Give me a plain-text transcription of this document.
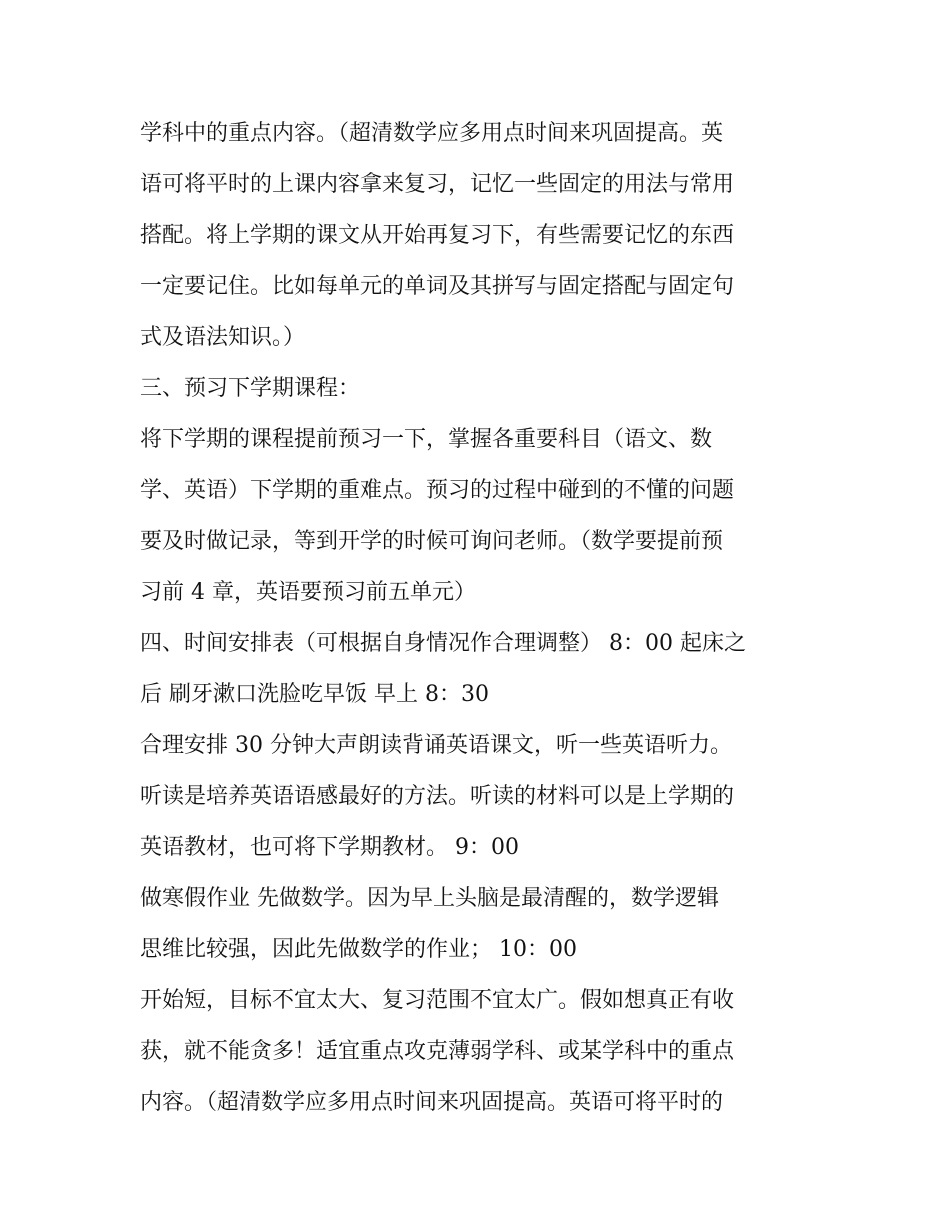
学科中的重点内容。（超清数学应多用点时间来巩固提高。英
语可将平时的上课内容拿来复习，记忆一些固定的用法与常用
搭配。将上学期的课文从开始再复习下，有些需要记忆的东西
一定要记住。比如每单元的单词及其拼写与固定搭配与固定句
式及语法知识。）
三、预习下学期课程：
将下学期的课程提前预习一下，掌握各重要科目（语文、数
学、英语）下学期的重难点。预习的过程中碰到的不懂的问题
要及时做记录，等到开学的时候可询问老师。（数学要提前预
习前 4 章，英语要预习前五单元）
四、时间安排表（可根据自身情况作合理调整） 8：00 起床之
后 刷牙漱口洗脸吃早饭 早上 8：30
合理安排 30 分钟大声朗读背诵英语课文，听一些英语听力。
听读是培养英语语感最好的方法。听读的材料可以是上学期的
英语教材，也可将下学期教材。 9：00
做寒假作业 先做数学。因为早上头脑是最清醒的，数学逻辑
思维比较强，因此先做数学的作业； 10：00
开始短，目标不宜太大、复习范围不宜太广。假如想真正有收
获，就不能贪多！适宜重点攻克薄弱学科、或某学科中的重点
内容。（超清数学应多用点时间来巩固提高。英语可将平时的
